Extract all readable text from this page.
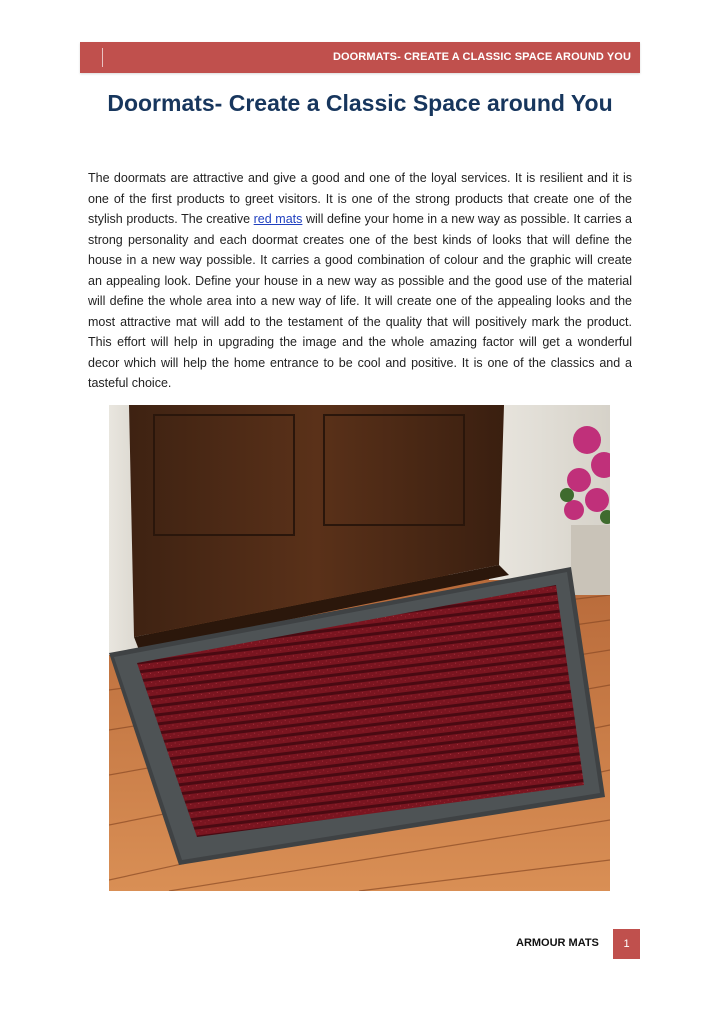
DOORMATS- CREATE A CLASSIC SPACE AROUND YOU
Doormats- Create a Classic Space around You

The doormats are attractive and give a good and one of the loyal services. It is resilient and it is one of the first products to greet visitors. It is one of the strong products that create one of the stylish products. The creative red mats will define your home in a new way as possible. It carries a strong personality and each doormat creates one of the best kinds of looks that will define the house in a new way possible. It carries a good combination of colour and the graphic will create an appealing look. Define your house in a new way as possible and the good use of the material will define the whole area into a new way of life. It will create one of the appealing looks and the most attractive mat will add to the testament of the quality that will positively mark the product. This effort will help in upgrading the image and the whole amazing factor will get a wonderful decor which will help the home entrance to be cool and positive. It is one of the classics and a tasteful choice.

ARMOUR MATS	1
